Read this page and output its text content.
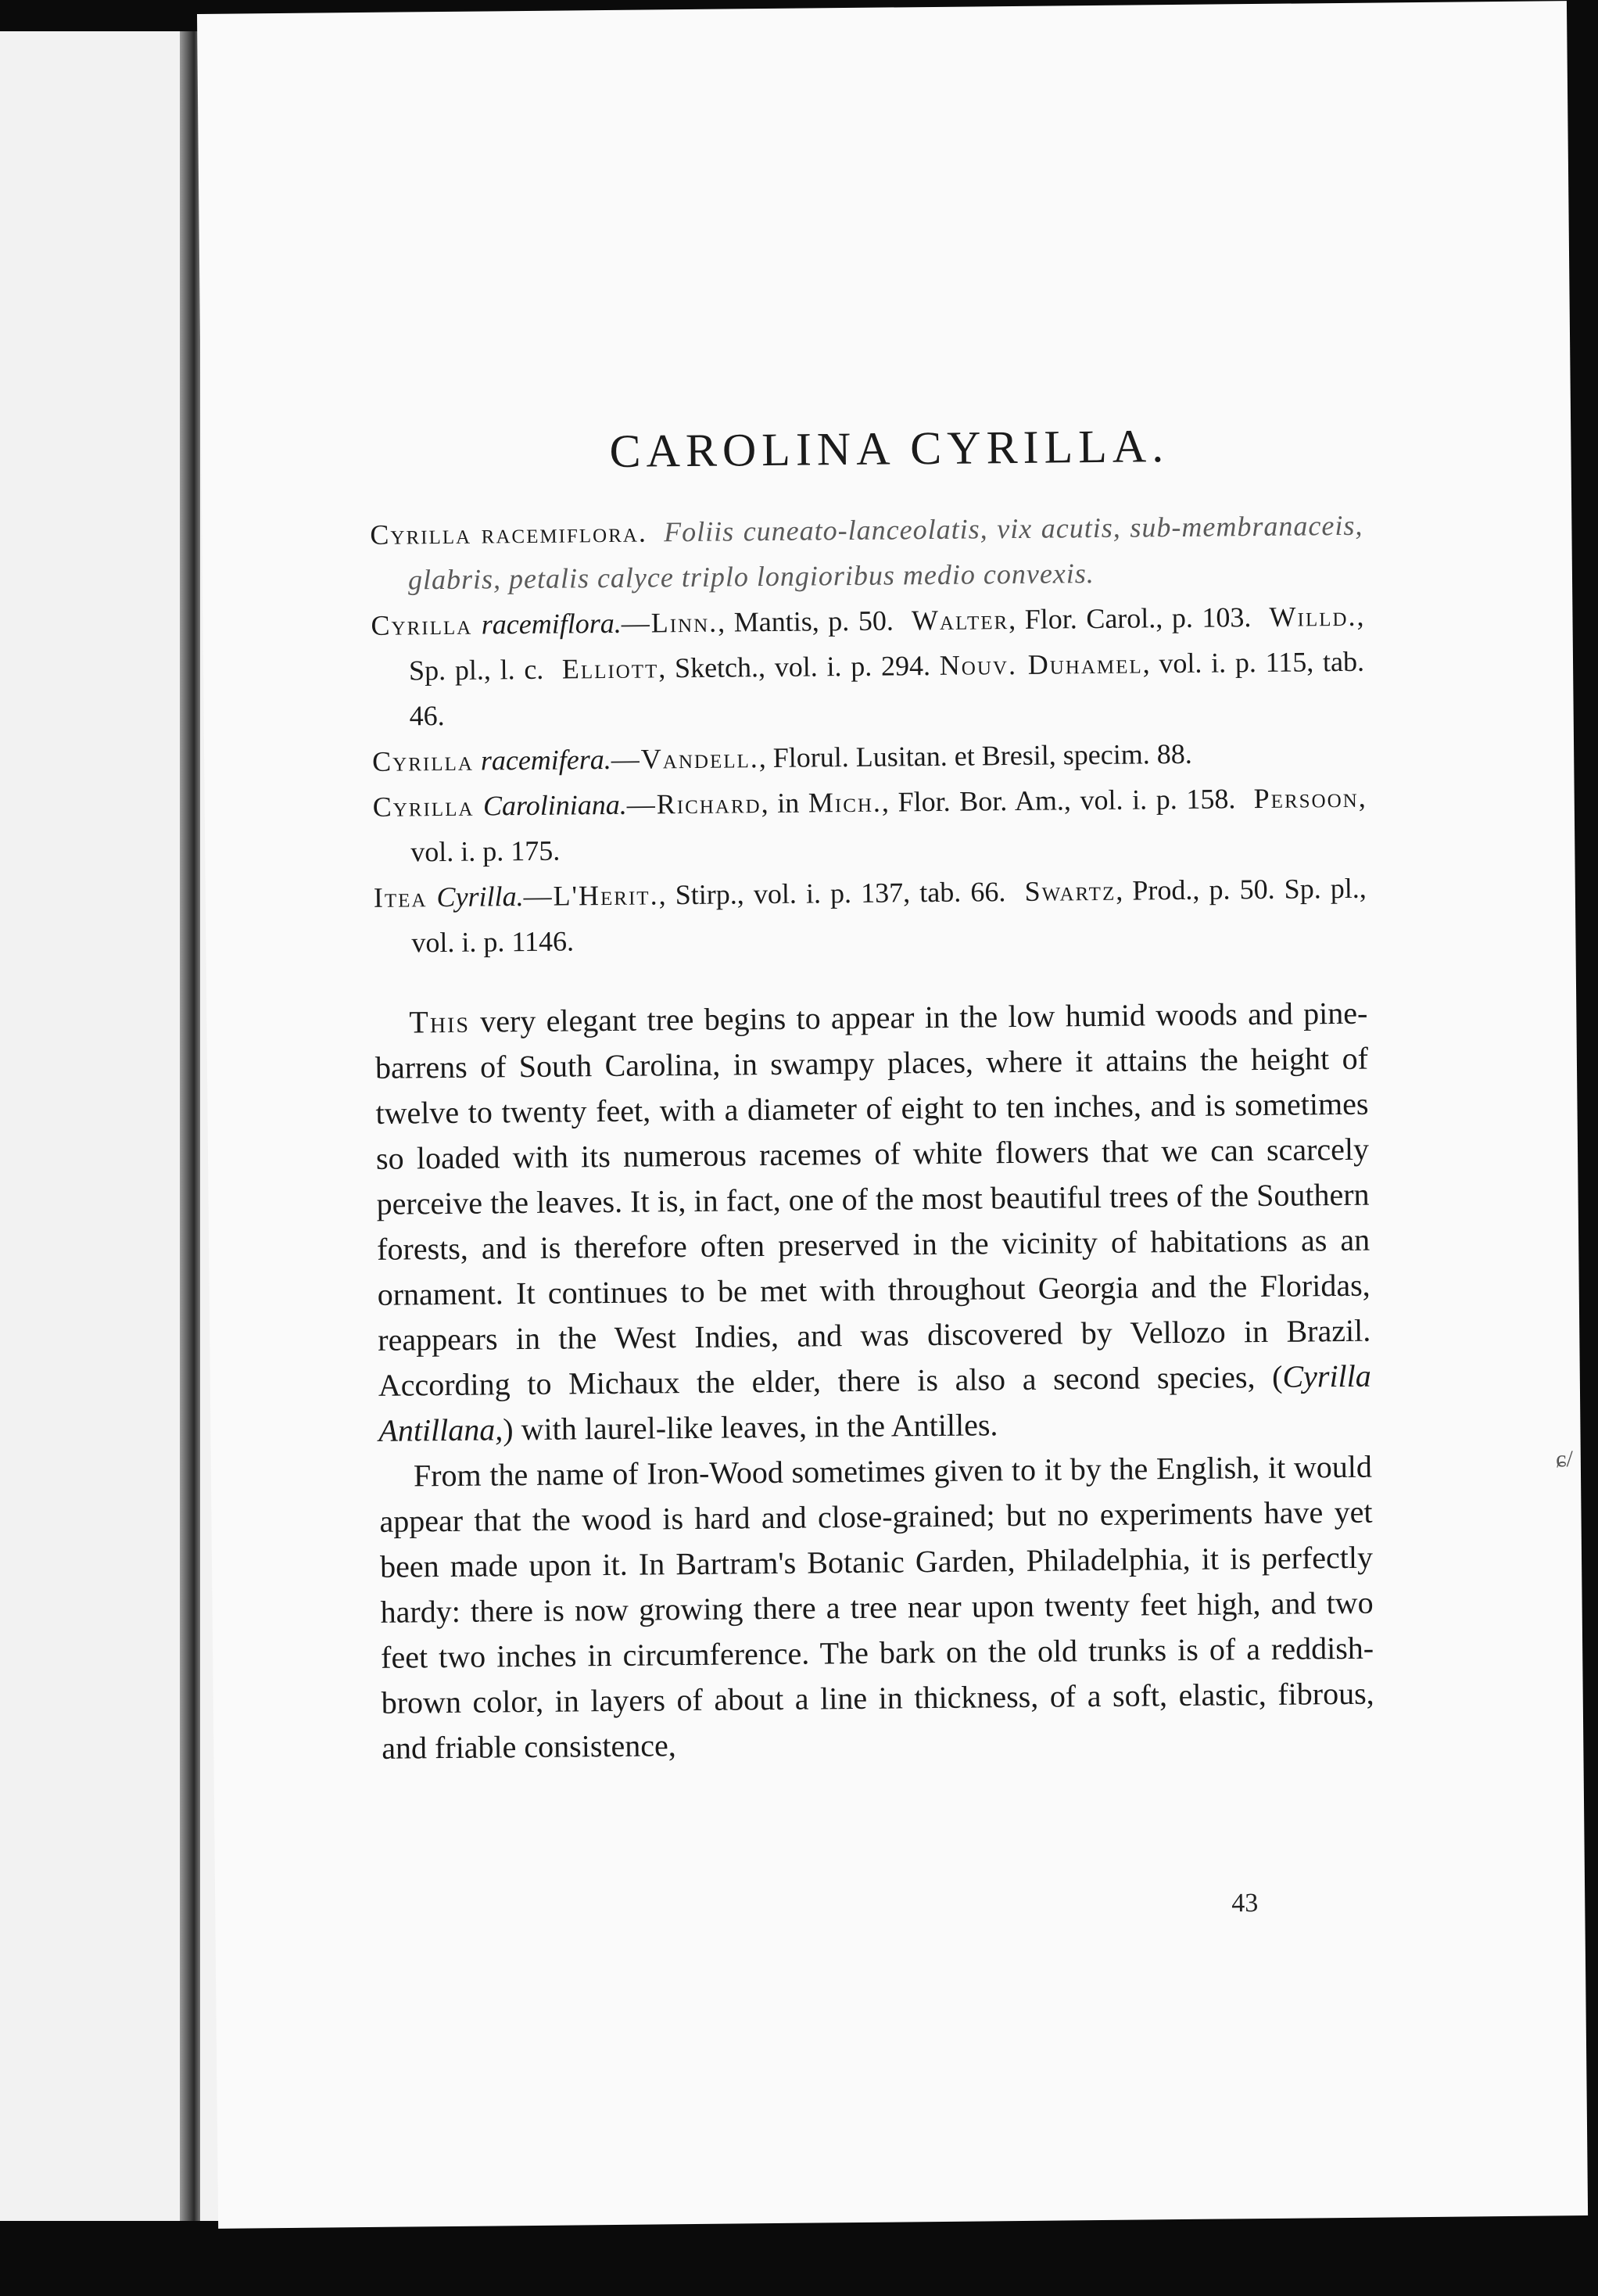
CAROLINA CYRILLA.

Cyrilla racemiflora. Foliis cuneato-lanceolatis, vix acutis, sub-membranaceis, glabris, petalis calyce triplo longioribus medio convexis.

Cyrilla racemiflora.—Linn., Mantis, p. 50. Walter, Flor. Carol., p. 103. Willd., Sp. pl., l. c. Elliott, Sketch., vol. i. p. 294. Nouv. Duhamel, vol. i. p. 115, tab. 46.

Cyrilla racemifera.—Vandell., Florul. Lusitan. et Bresil, specim. 88.

Cyrilla Caroliniana.—Richard, in Mich., Flor. Bor. Am., vol. i. p. 158. Persoon, vol. i. p. 175.

Itea Cyrilla.—L'Herit., Stirp., vol. i. p. 137, tab. 66. Swartz, Prod., p. 50. Sp. pl., vol. i. p. 1146.

This very elegant tree begins to appear in the low humid woods and pine-barrens of South Carolina, in swampy places, where it attains the height of twelve to twenty feet, with a diameter of eight to ten inches, and is sometimes so loaded with its numerous racemes of white flowers that we can scarcely perceive the leaves. It is, in fact, one of the most beautiful trees of the Southern forests, and is therefore often preserved in the vicinity of habitations as an ornament. It continues to be met with throughout Georgia and the Floridas, reappears in the West Indies, and was discovered by Vellozo in Brazil. According to Michaux the elder, there is also a second species, (Cyrilla Antillana,) with laurel-like leaves, in the Antilles.

From the name of Iron-Wood sometimes given to it by the English, it would appear that the wood is hard and close-grained; but no experiments have yet been made upon it. In Bartram's Botanic Garden, Philadelphia, it is perfectly hardy: there is now growing there a tree near upon twenty feet high, and two feet two inches in circumference. The bark on the old trunks is of a reddish-brown color, in layers of about a line in thickness, of a soft, elastic, fibrous, and friable consistence,

43
ɕ/
